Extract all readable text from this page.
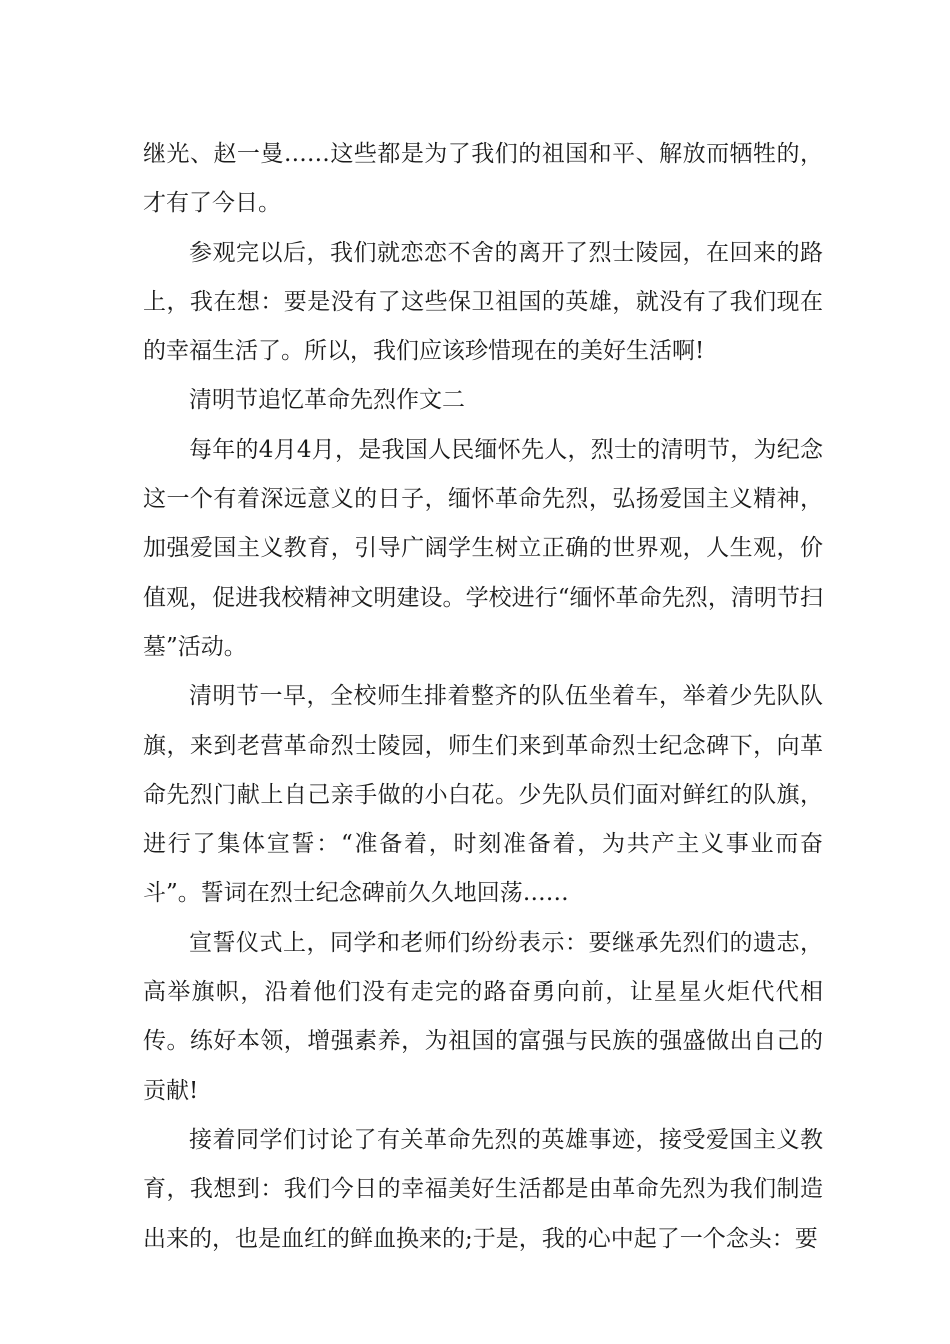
继光、赵一曼……这些都是为了我们的祖国和平、解放而牺牲的，才有了今日。

参观完以后，我们就恋恋不舍的离开了烈士陵园，在回来的路上，我在想：要是没有了这些保卫祖国的英雄，就没有了我们现在的幸福生活了。所以，我们应该珍惜现在的美好生活啊!

清明节追忆革命先烈作文二

每年的4月4月，是我国人民缅怀先人，烈士的清明节，为纪念这一个有着深远意义的日子，缅怀革命先烈，弘扬爱国主义精神，加强爱国主义教育，引导广阔学生树立正确的世界观，人生观，价值观，促进我校精神文明建设。学校进行“缅怀革命先烈，清明节扫墓”活动。

清明节一早，全校师生排着整齐的队伍坐着车，举着少先队队旗，来到老营革命烈士陵园，师生们来到革命烈士纪念碑下，向革命先烈门献上自己亲手做的小白花。少先队员们面对鲜红的队旗，进行了集体宣誓：“准备着，时刻准备着，为共产主义事业而奋斗”。誓词在烈士纪念碑前久久地回荡……

宣誓仪式上，同学和老师们纷纷表示：要继承先烈们的遗志，高举旗帜，沿着他们没有走完的路奋勇向前，让星星火炬代代相传。练好本领，增强素养，为祖国的富强与民族的强盛做出自己的贡献!

接着同学们讨论了有关革命先烈的英雄事迹，接受爱国主义教育，我想到：我们今日的幸福美好生活都是由革命先烈为我们制造出来的，也是血红的鲜血换来的;于是，我的心中起了一个念头：要
